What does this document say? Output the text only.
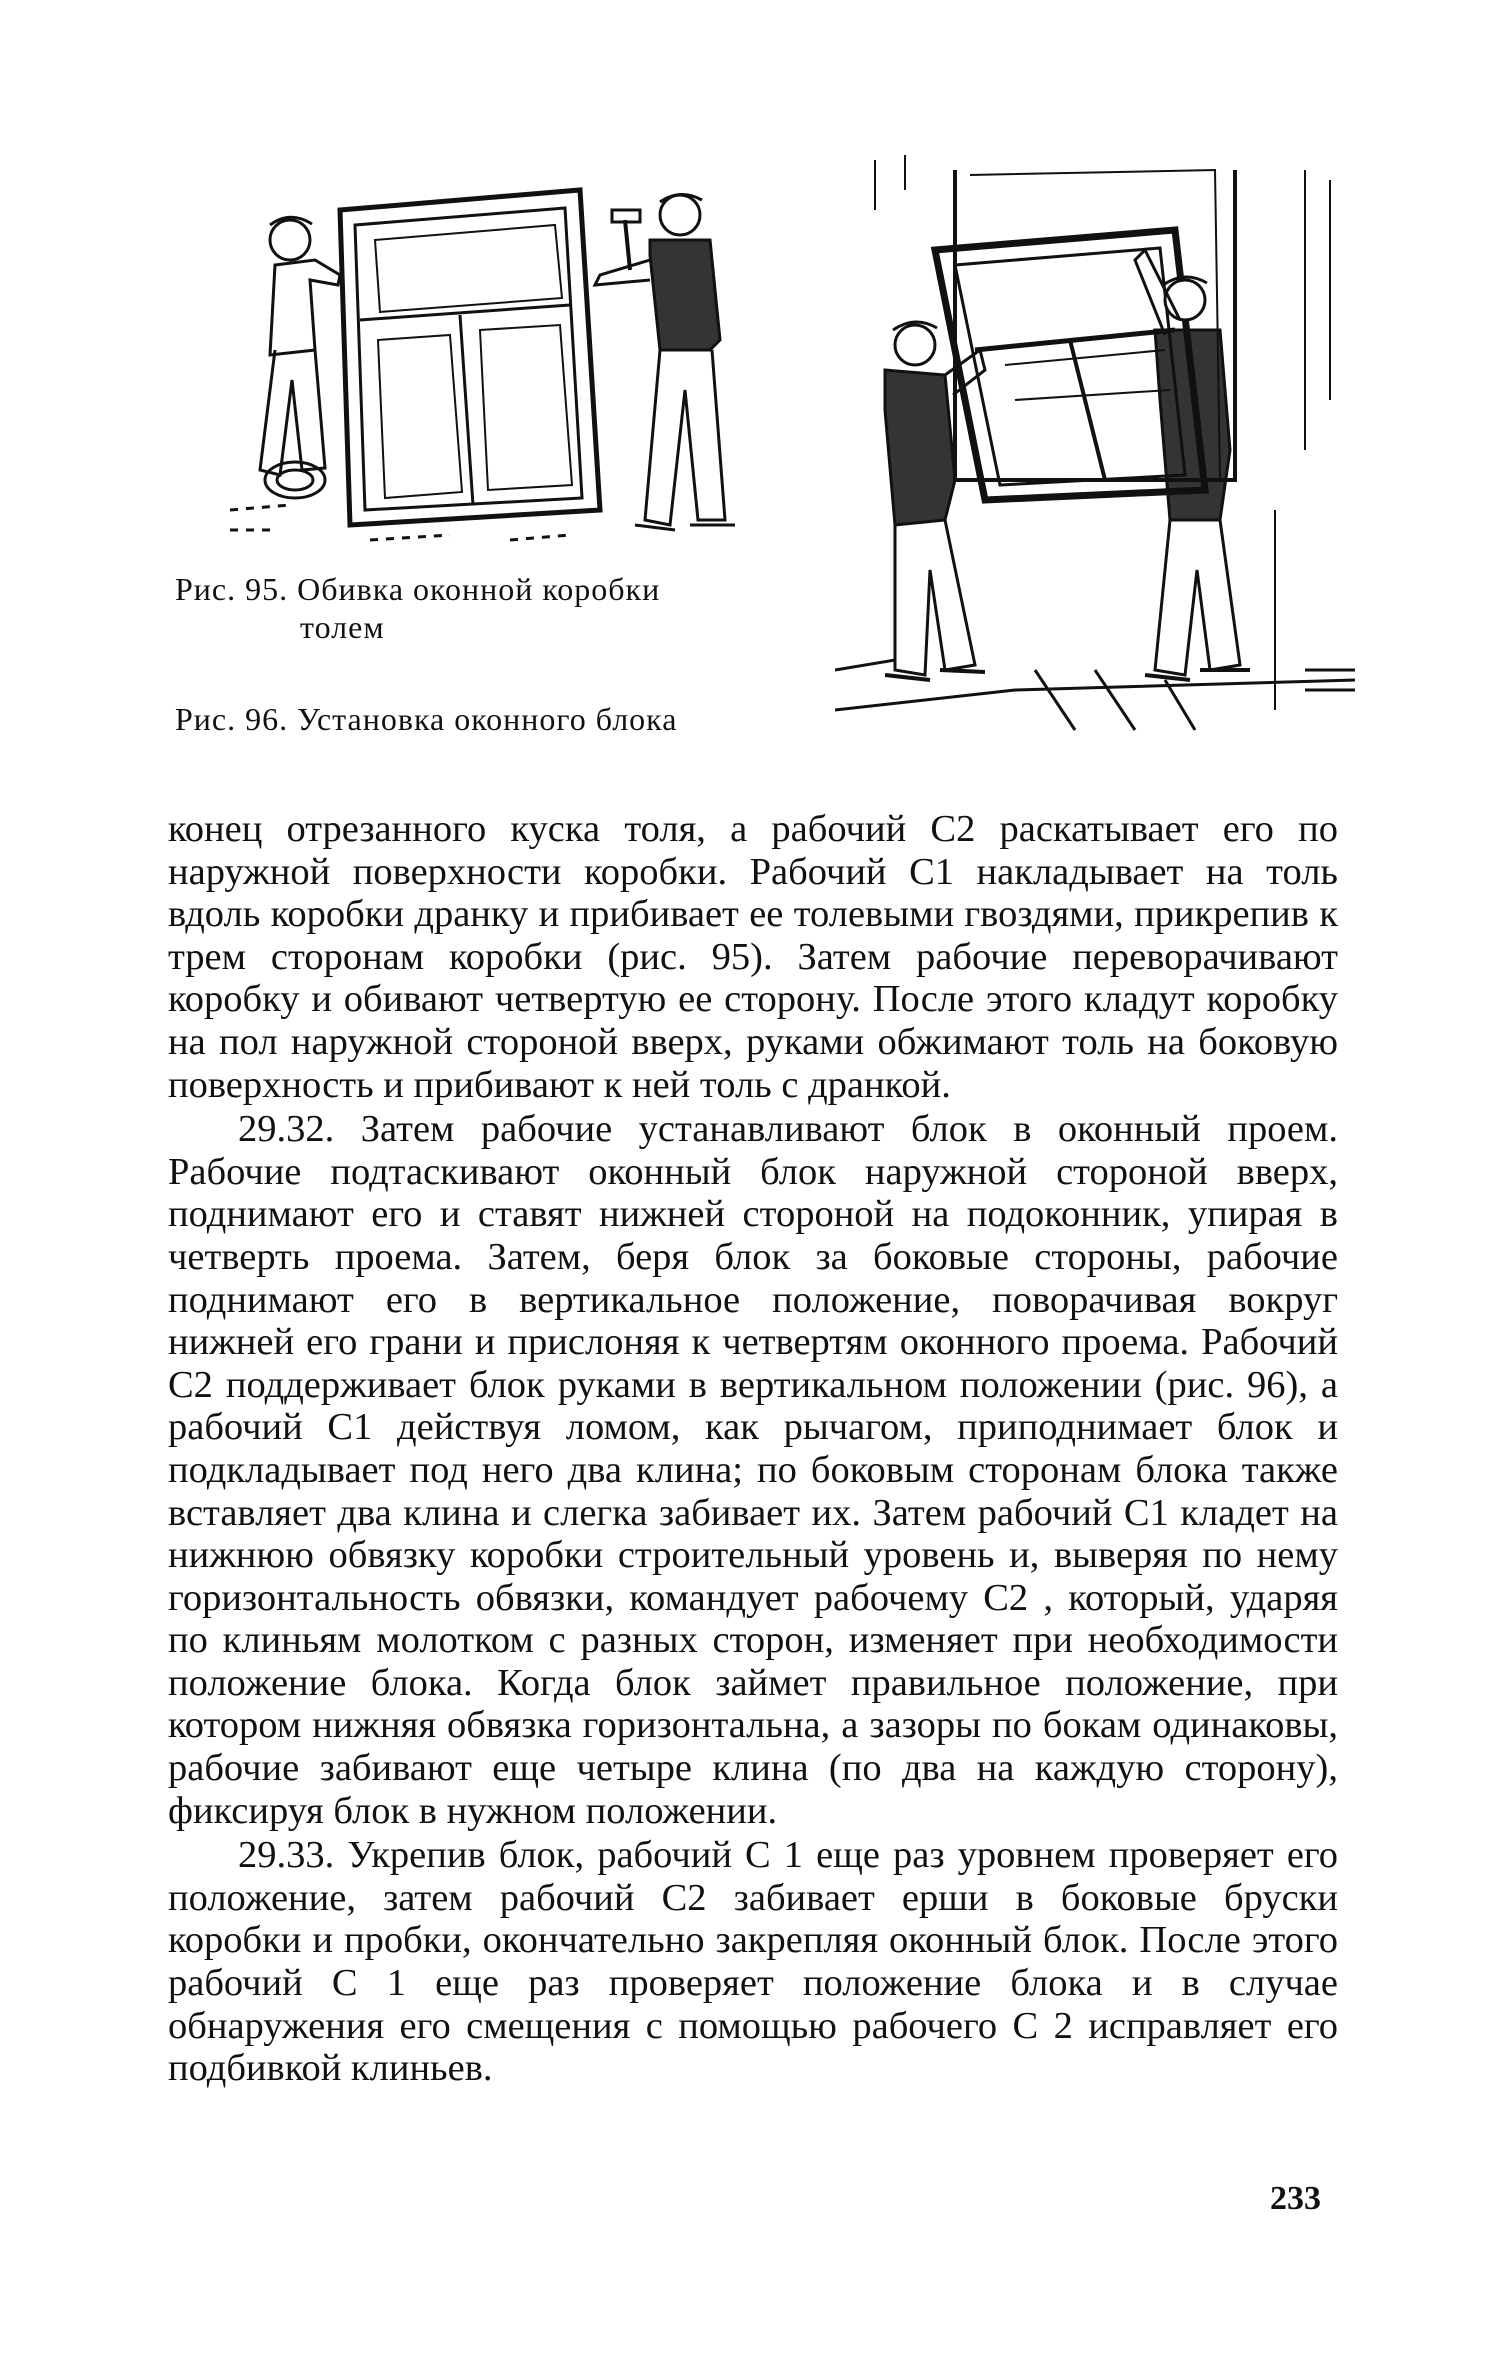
Рис. 95. Обивка оконной коробки
толем
Рис. 96. Установка оконного блока

конец отрезанного куска толя, а рабочий С2 раскатывает его по наружной поверхности коробки. Рабочий С1 накладывает на толь вдоль коробки дранку и прибивает ее толевыми гвоздями, прикрепив к трем сторонам коробки (рис. 95). Затем рабочие переворачивают коробку и обивают четвертую ее сторону. После этого кладут коробку на пол наружной стороной вверх, руками обжимают толь на боковую поверхность и прибивают к ней толь с дранкой.

29.32. Затем рабочие устанавливают блок в оконный проем. Рабочие подтаскивают оконный блок наружной стороной вверх, поднимают его и ставят нижней стороной на подоконник, упирая в четверть проема. Затем, беря блок за боковые стороны, рабочие поднимают его в вертикальное положение, поворачивая вокруг нижней его грани и прислоняя к четвертям оконного проема. Рабочий С2 поддерживает блок руками в вертикальном положении (рис. 96), а рабочий С1 действуя ломом, как рычагом, приподнимает блок и подкладывает под него два клина; по боковым сторонам блока также вставляет два клина и слегка забивает их. Затем рабочий С1 кладет на нижнюю обвязку коробки строительный уровень и, выверяя по нему горизонтальность обвязки, командует рабочему С2 , который, ударяя по клиньям молотком с разных сторон, изменяет при необходимости положение блока. Когда блок займет правильное положение, при котором нижняя обвязка горизонтальна, а зазоры по бокам одинаковы, рабочие забивают еще четыре клина (по два на каждую сторону), фиксируя блок в нужном положении.

29.33. Укрепив блок, рабочий С 1 еще раз уровнем проверяет его положение, затем рабочий С2 забивает ерши в боковые бруски коробки и пробки, окончательно закрепляя оконный блок. После этого рабочий С 1 еще раз проверяет положение блока и в случае обнаружения его смещения с помощью рабочего С 2 исправляет его подбивкой клиньев.

233
